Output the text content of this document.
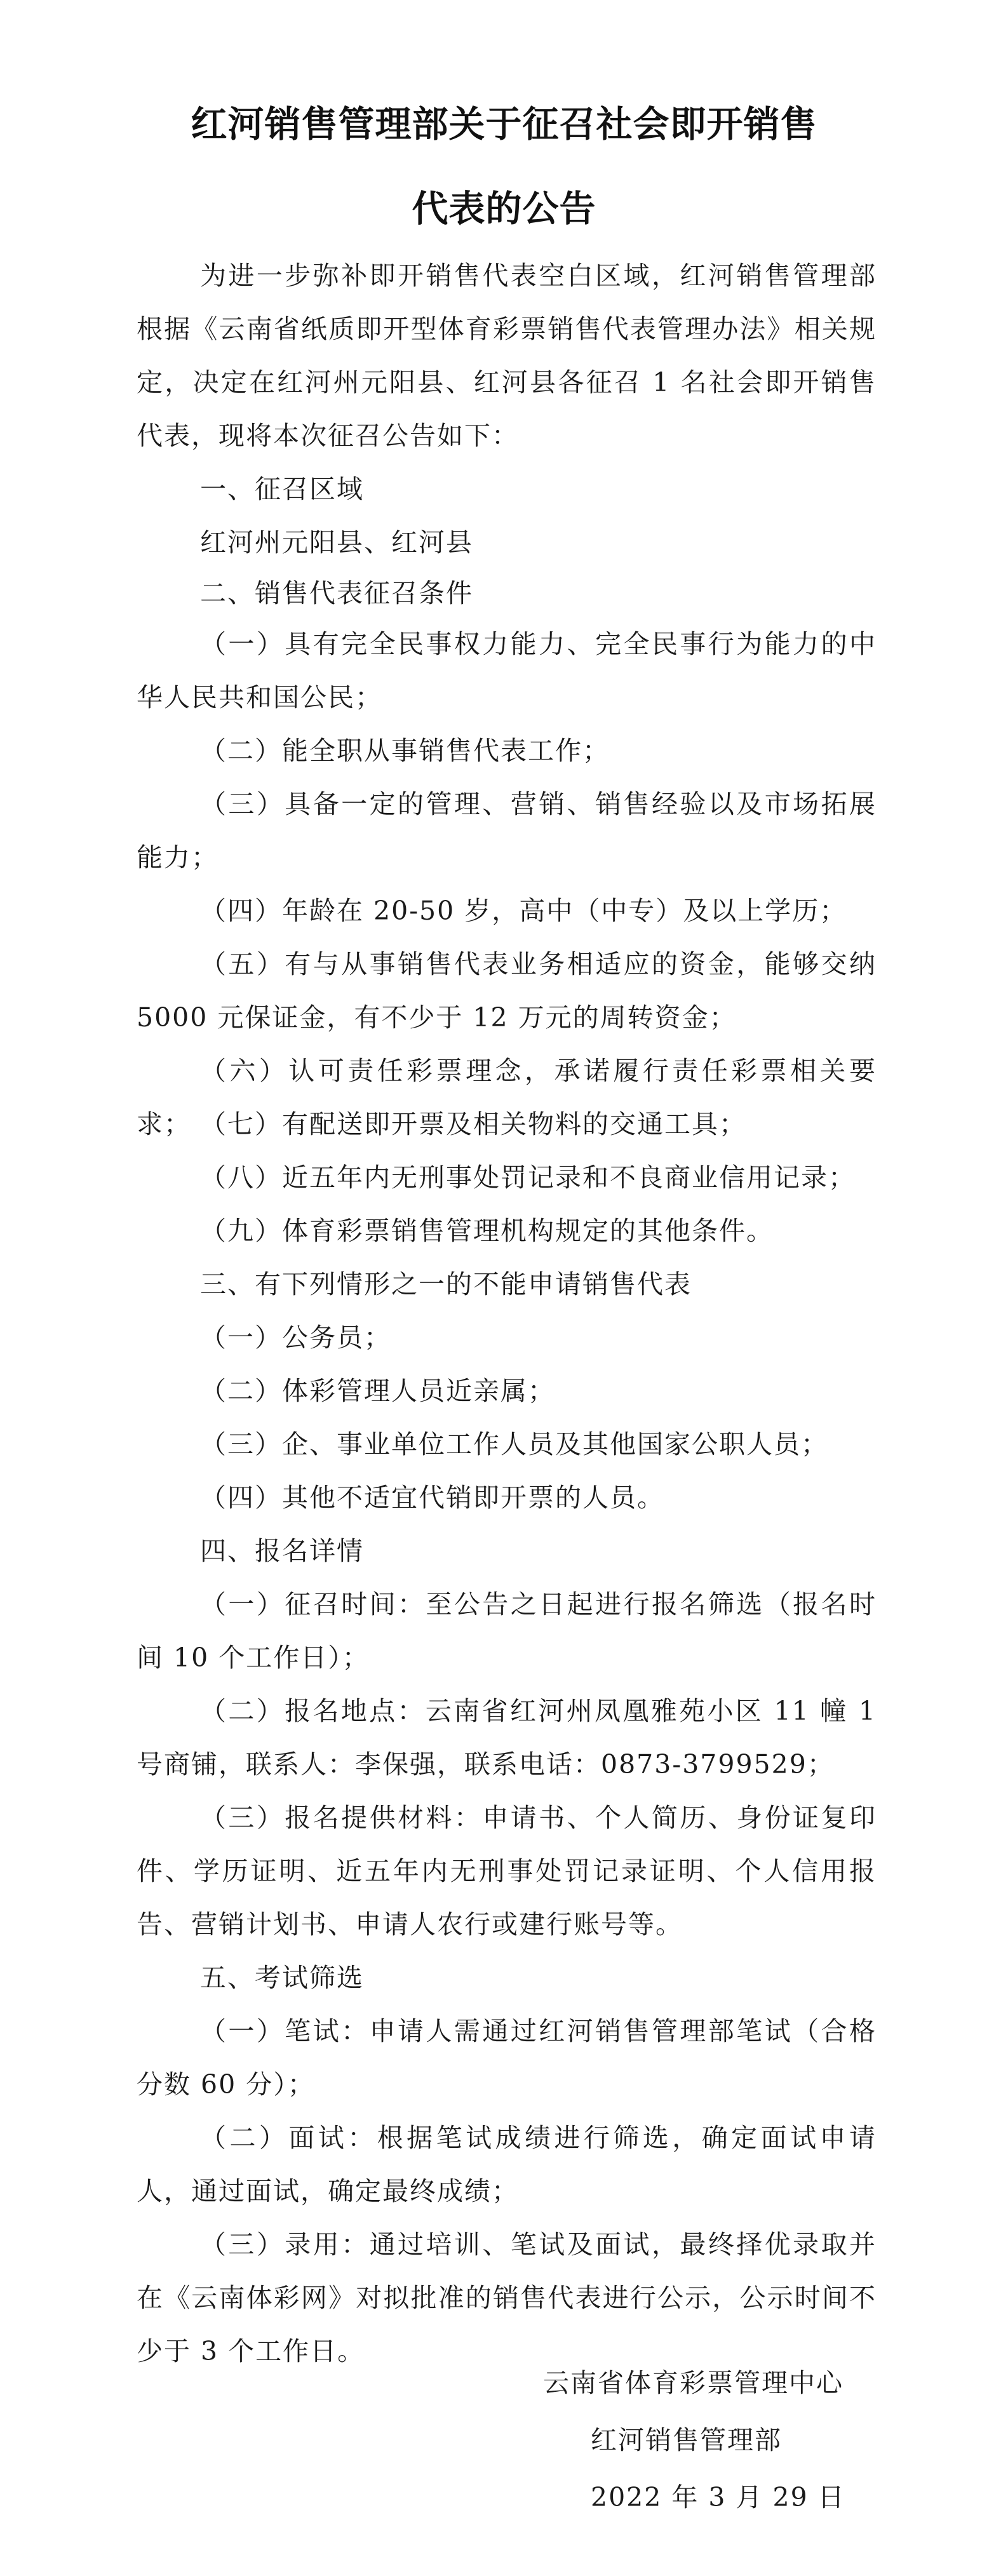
红河销售管理部关于征召社会即开销售
代表的公告

为进一步弥补即开销售代表空白区域，红河销售管理部根据《云南省纸质即开型体育彩票销售代表管理办法》相关规定，决定在红河州元阳县、红河县各征召 1 名社会即开销售代表，现将本次征召公告如下：

一、征召区域
红河州元阳县、红河县
二、销售代表征召条件

（一）具有完全民事权力能力、完全民事行为能力的中华人民共和国公民；

（二）能全职从事销售代表工作；

（三）具备一定的管理、营销、销售经验以及市场拓展能力；

（四）年龄在 20-50 岁，高中（中专）及以上学历；

（五）有与从事销售代表业务相适应的资金，能够交纳 5000 元保证金，有不少于 12 万元的周转资金；

（六）认可责任彩票理念，承诺履行责任彩票相关要求； （七）有配送即开票及相关物料的交通工具；

（八）近五年内无刑事处罚记录和不良商业信用记录；

（九）体育彩票销售管理机构规定的其他条件。

三、有下列情形之一的不能申请销售代表
（一）公务员；
（二）体彩管理人员近亲属；
（三）企、事业单位工作人员及其他国家公职人员；
（四）其他不适宜代销即开票的人员。
四、报名详情

（一）征召时间：至公告之日起进行报名筛选（报名时间 10 个工作日）；

（二）报名地点：云南省红河州凤凰雅苑小区 11 幢 1 号商铺，联系人：李保强，联系电话：0873-3799529；

（三）报名提供材料：申请书、个人简历、身份证复印件、学历证明、近五年内无刑事处罚记录证明、个人信用报告、营销计划书、申请人农行或建行账号等。

五、考试筛选

（一）笔试：申请人需通过红河销售管理部笔试（合格分数 60 分）；

（二）面试：根据笔试成绩进行筛选，确定面试申请人，通过面试，确定最终成绩；

（三）录用：通过培训、笔试及面试，最终择优录取并在《云南体彩网》对拟批准的销售代表进行公示，公示时间不少于 3 个工作日。

云南省体育彩票管理中心
红河销售管理部
2022 年 3 月 29 日
